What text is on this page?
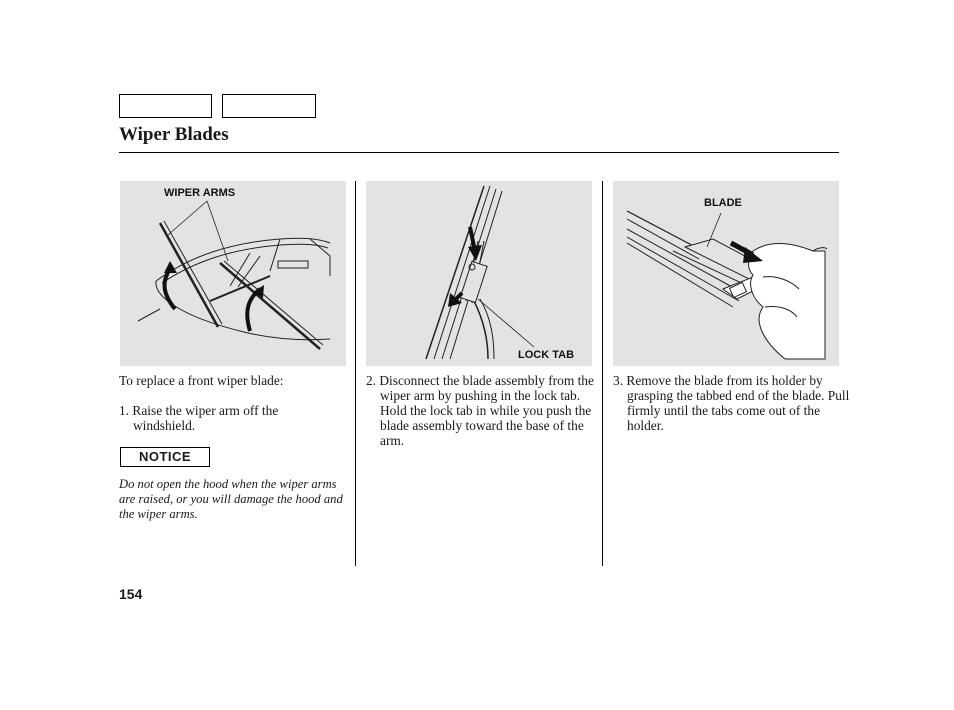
Wiper Blades
WIPER ARMS
LOCK TAB
BLADE
To replace a front wiper blade:
1. Raise the wiper arm off the windshield.
NOTICE
Do not open the hood when the wiper arms are raised, or you will damage the hood and the wiper arms.
2. Disconnect the blade assembly from the wiper arm by pushing in the lock tab. Hold the lock tab in while you push the blade assembly toward the base of the arm.
3. Remove the blade from its holder by grasping the tabbed end of the blade. Pull firmly until the tabs come out of the holder.
154
